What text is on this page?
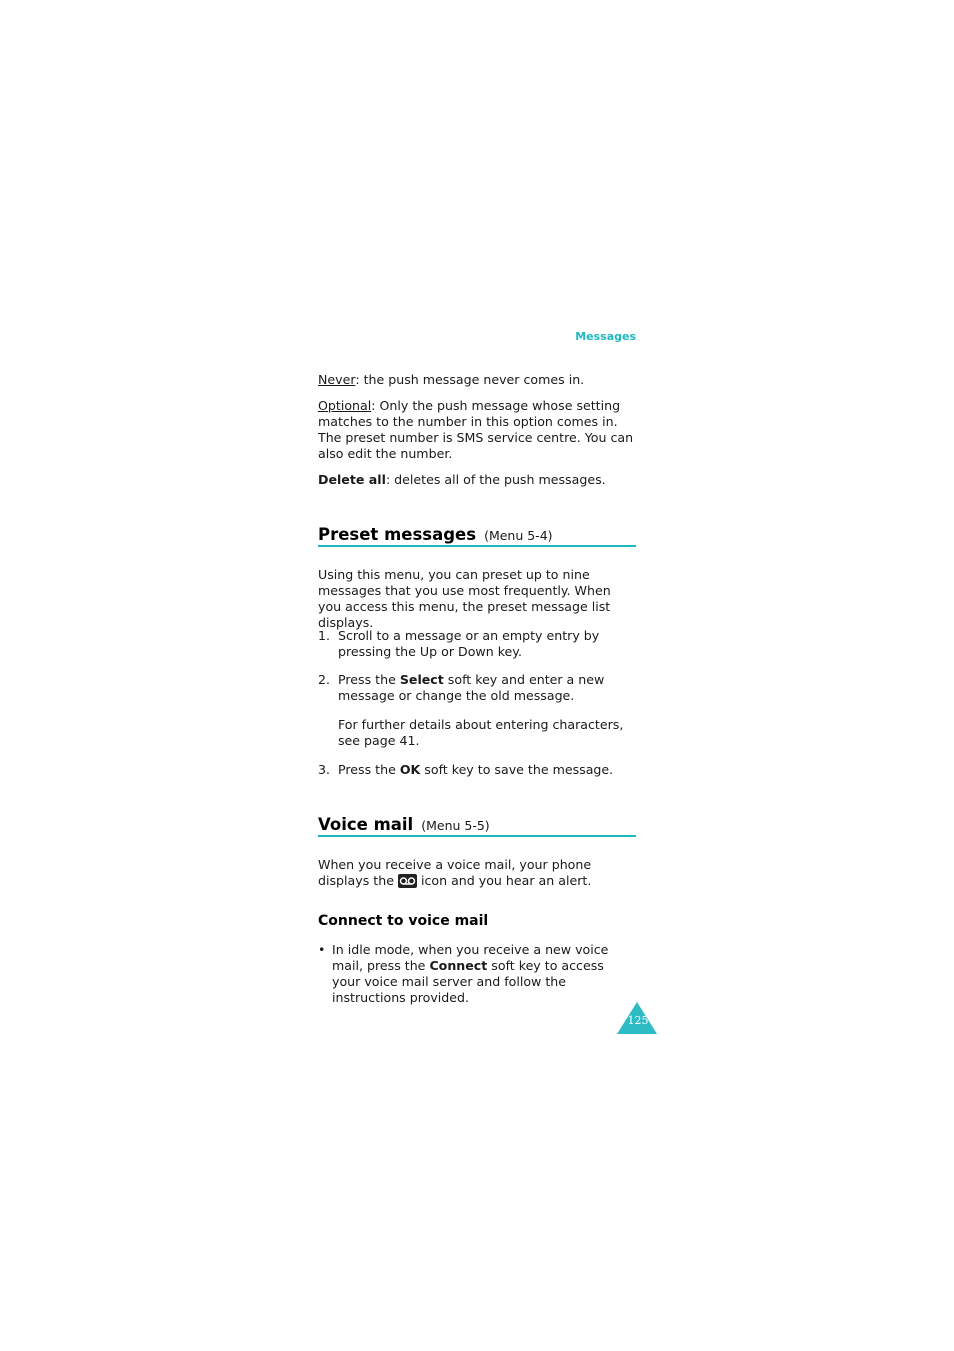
Messages
Never: the push message never comes in.
Optional: Only the push message whose setting matches to the number in this option comes in. The preset number is SMS service centre. You can also edit the number.
Delete all: deletes all of the push messages.
Preset messages (Menu 5-4)
Using this menu, you can preset up to nine messages that you use most frequently. When you access this menu, the preset message list displays.
1. Scroll to a message or an empty entry by pressing the Up or Down key.
2. Press the Select soft key and enter a new message or change the old message.
For further details about entering characters, see page 41.
3. Press the OK soft key to save the message.
Voice mail (Menu 5-5)
When you receive a voice mail, your phone displays the
icon and you hear an alert.
Connect to voice mail
• In idle mode, when you receive a new voice mail, press the Connect soft key to access your voice mail server and follow the instructions provided.
125
